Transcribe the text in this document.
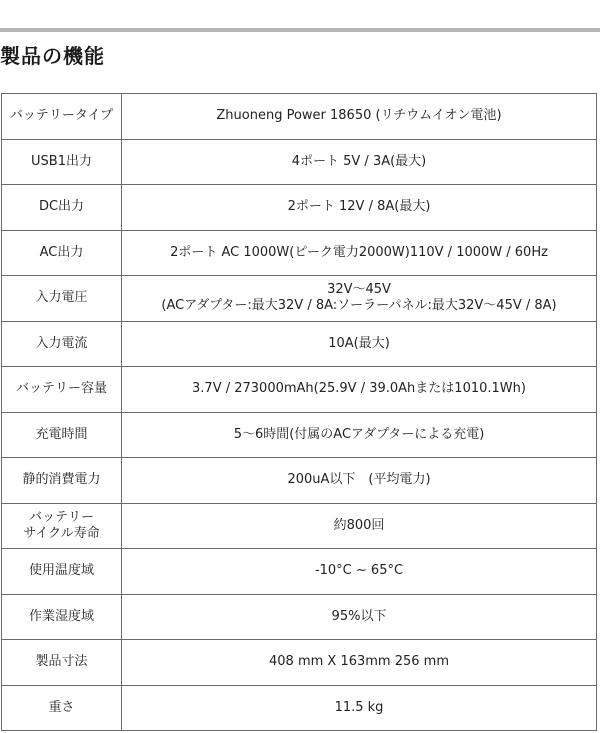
製品の機能
バッテリータイプ	Zhuoneng Power 18650 (リチウムイオン電池)
USB1出力	4ポート 5V / 3A(最大)
DC出力	2ポート 12V / 8A(最大)
AC出力	2ポート AC 1000W(ピーク電力2000W)110V / 1000W / 60Hz
入力電圧	32V～45V
(ACアダプター:最大32V / 8A:ソーラーパネル:最大32V～45V / 8A)
入力電流	10A(最大)
バッテリー容量	3.7V / 273000mAh(25.9V / 39.0Ahまたは1010.1Wh)
充電時間	5～6時間(付属のACアダプターによる充電)
静的消費電力	200uA以下　(平均電力)
バッテリー
サイクル寿命	約800回
使用温度域	-10°C ~ 65°C
作業湿度域	95%以下
製品寸法	408 mm X 163mm 256 mm
重さ	11.5 kg
